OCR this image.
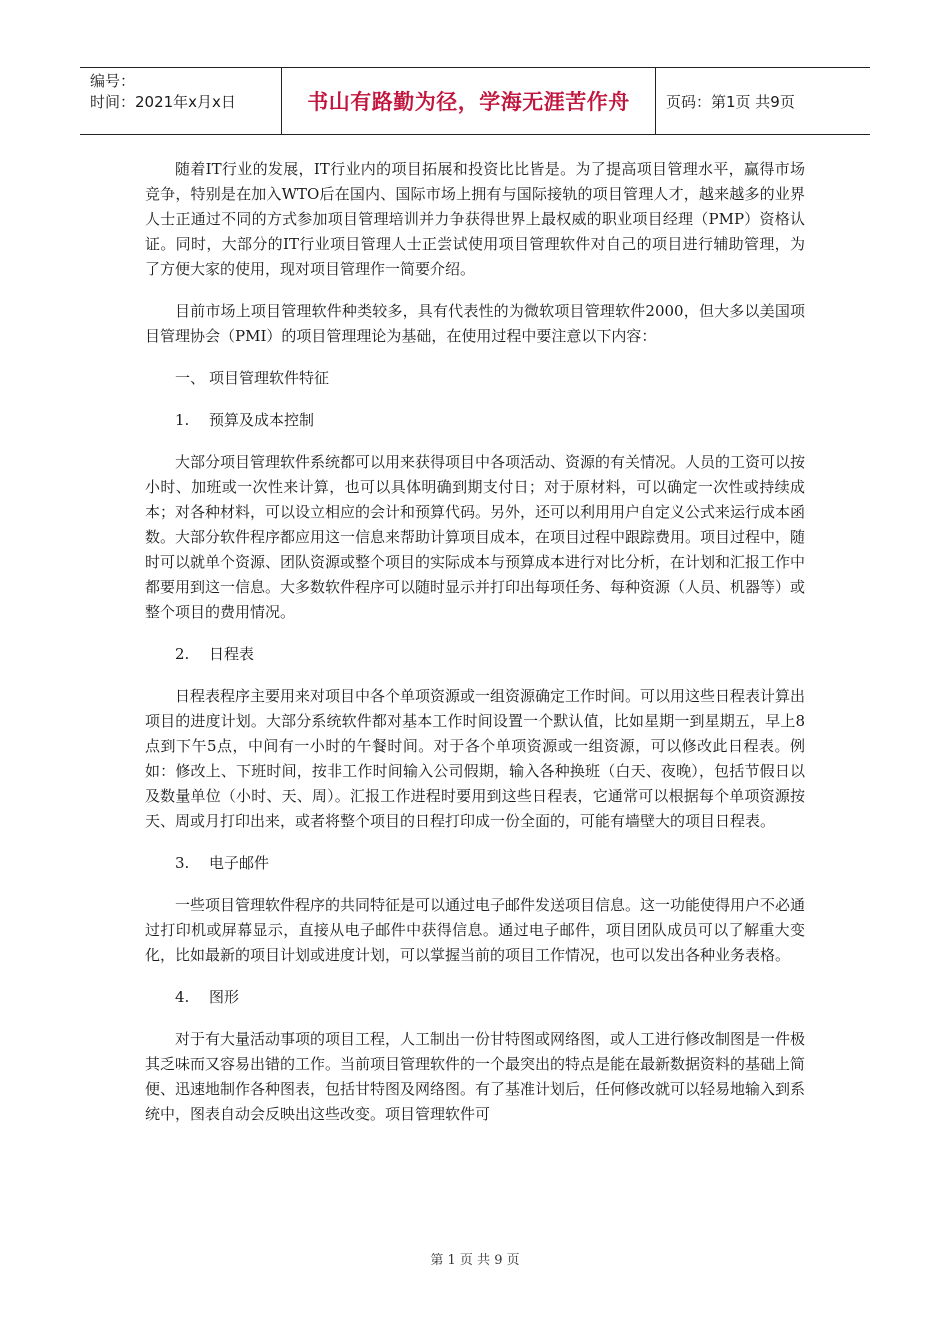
编号：
时间：2021年x月x日	书山有路勤为径，学海无涯苦作舟	页码：第1页 共9页

随着IT行业的发展，IT行业内的项目拓展和投资比比皆是。为了提高项目管理水平，赢得市场竞争，特别是在加入WTO后在国内、国际市场上拥有与国际接轨的项目管理人才，越来越多的业界人士正通过不同的方式参加项目管理培训并力争获得世界上最权威的职业项目经理（PMP）资格认证。同时，大部分的IT行业项目管理人士正尝试使用项目管理软件对自己的项目进行辅助管理，为了方便大家的使用，现对项目管理作一简要介绍。

目前市场上项目管理软件种类较多，具有代表性的为微软项目管理软件2000，但大多以美国项目管理协会（PMI）的项目管理理论为基础，在使用过程中要注意以下内容：

一、 项目管理软件特征
1. 预算及成本控制

大部分项目管理软件系统都可以用来获得项目中各项活动、资源的有关情况。人员的工资可以按小时、加班或一次性来计算，也可以具体明确到期支付日；对于原材料，可以确定一次性或持续成本；对各种材料，可以设立相应的会计和预算代码。另外，还可以利用用户自定义公式来运行成本函数。大部分软件程序都应用这一信息来帮助计算项目成本，在项目过程中跟踪费用。项目过程中，随时可以就单个资源、团队资源或整个项目的实际成本与预算成本进行对比分析，在计划和汇报工作中都要用到这一信息。大多数软件程序可以随时显示并打印出每项任务、每种资源（人员、机器等）或整个项目的费用情况。

2. 日程表

日程表程序主要用来对项目中各个单项资源或一组资源确定工作时间。可以用这些日程表计算出项目的进度计划。大部分系统软件都对基本工作时间设置一个默认值，比如星期一到星期五，早上8点到下午5点，中间有一小时的午餐时间。对于各个单项资源或一组资源，可以修改此日程表。例如：修改上、下班时间，按非工作时间输入公司假期，输入各种换班（白天、夜晚），包括节假日以及数量单位（小时、天、周）。汇报工作进程时要用到这些日程表，它通常可以根据每个单项资源按天、周或月打印出来，或者将整个项目的日程打印成一份全面的，可能有墙壁大的项目日程表。

3. 电子邮件

一些项目管理软件程序的共同特征是可以通过电子邮件发送项目信息。这一功能使得用户不必通过打印机或屏幕显示，直接从电子邮件中获得信息。通过电子邮件，项目团队成员可以了解重大变化，比如最新的项目计划或进度计划，可以掌握当前的项目工作情况，也可以发出各种业务表格。

4. 图形

对于有大量活动事项的项目工程，人工制出一份甘特图或网络图，或人工进行修改制图是一件极其乏味而又容易出错的工作。当前项目管理软件的一个最突出的特点是能在最新数据资料的基础上简便、迅速地制作各种图表，包括甘特图及网络图。有了基准计划后，任何修改就可以轻易地输入到系统中，图表自动会反映出这些改变。项目管理软件可

第 1 页 共 9 页
